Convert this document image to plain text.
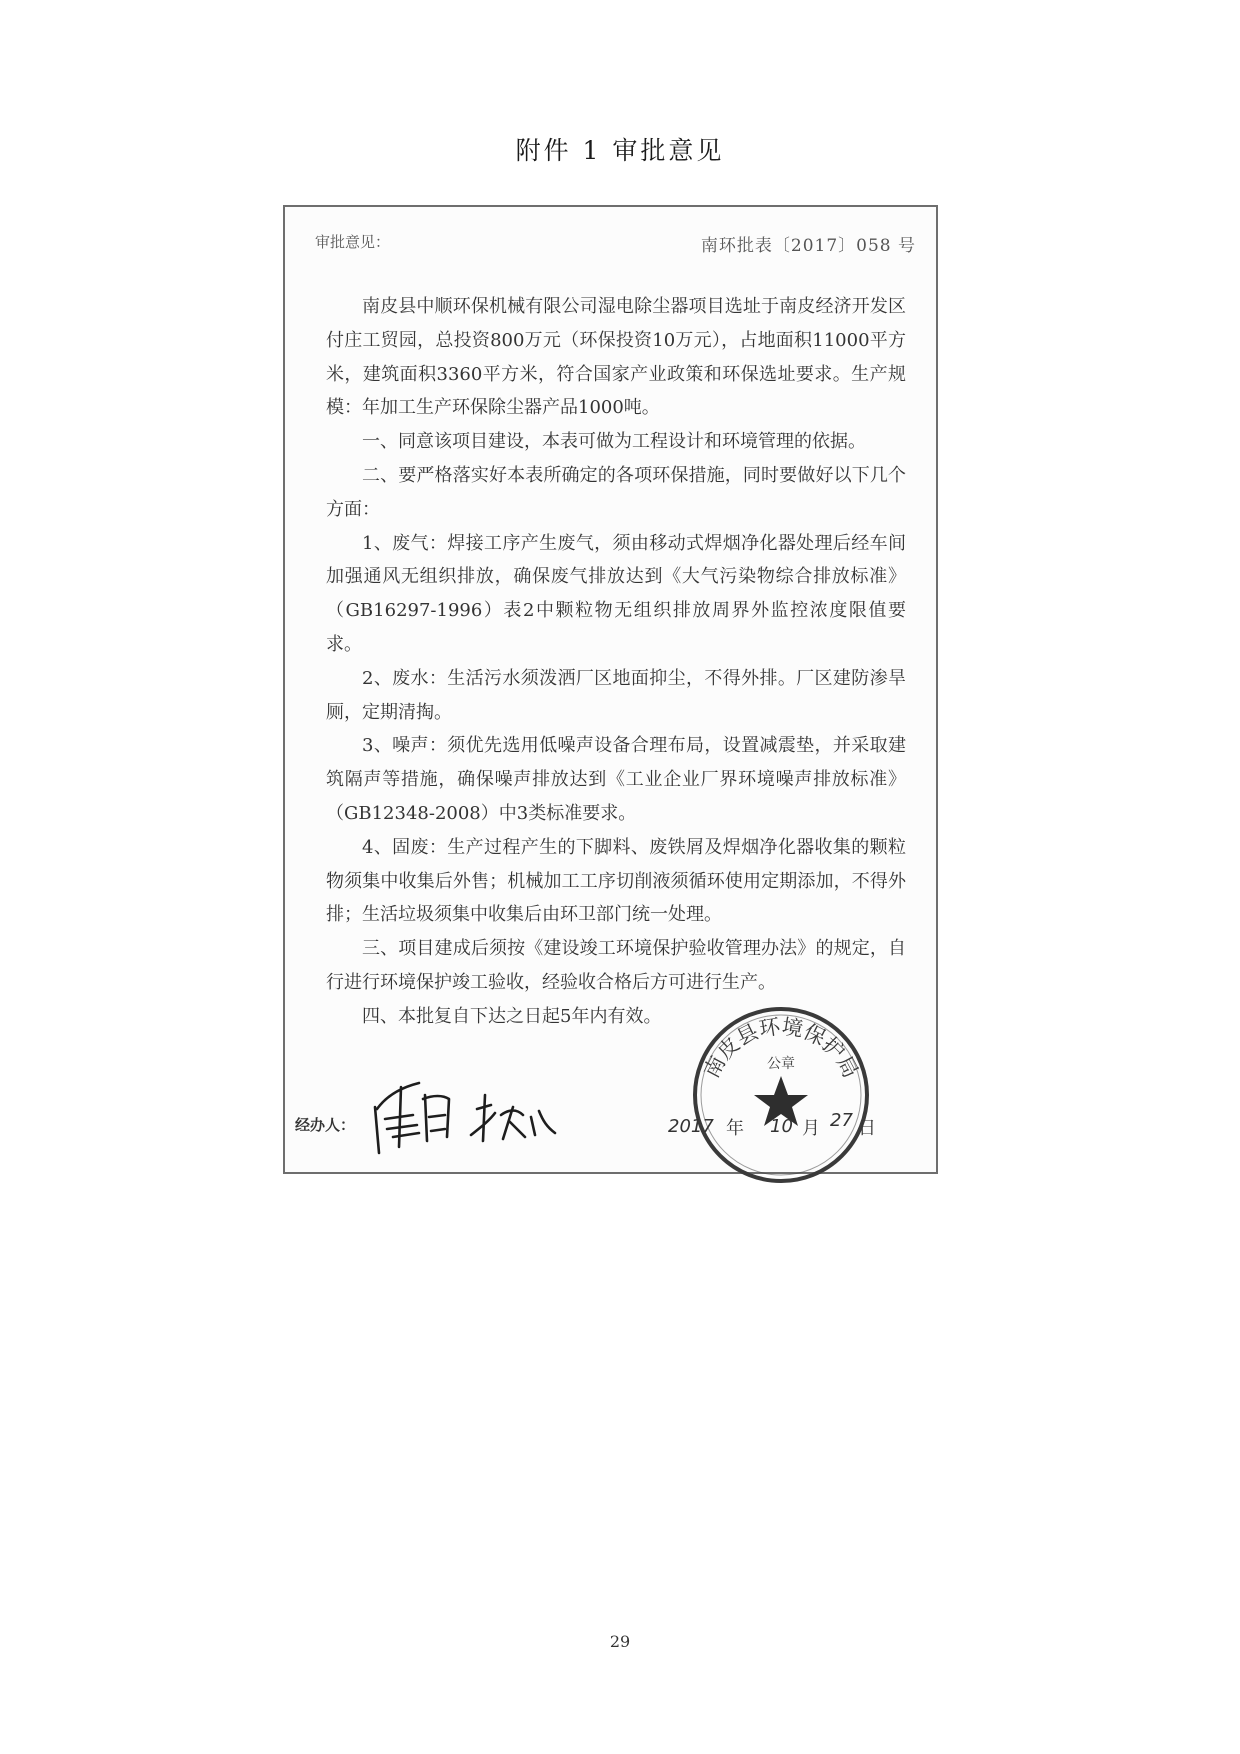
附件 1 审批意见
审批意见：	南环批表〔2017〕058 号

南皮县中顺环保机械有限公司湿电除尘器项目选址于南皮经济开发区付庄工贸园，总投资800万元（环保投资10万元），占地面积11000平方米，建筑面积3360平方米，符合国家产业政策和环保选址要求。生产规模：年加工生产环保除尘器产品1000吨。

一、同意该项目建设，本表可做为工程设计和环境管理的依据。

二、要严格落实好本表所确定的各项环保措施，同时要做好以下几个方面：

1、废气：焊接工序产生废气，须由移动式焊烟净化器处理后经车间加强通风无组织排放，确保废气排放达到《大气污染物综合排放标准》（GB16297-1996）表2中颗粒物无组织排放周界外监控浓度限值要求。

2、废水：生活污水须泼洒厂区地面抑尘，不得外排。厂区建防渗旱厕，定期清掏。

3、噪声：须优先选用低噪声设备合理布局，设置减震垫，并采取建筑隔声等措施，确保噪声排放达到《工业企业厂界环境噪声排放标准》（GB12348-2008）中3类标准要求。

4、固废：生产过程产生的下脚料、废铁屑及焊烟净化器收集的颗粒物须集中收集后外售；机械加工工序切削液须循环使用定期添加，不得外排；生活垃圾须集中收集后由环卫部门统一处理。

三、项目建成后须按《建设竣工环境保护验收管理办法》的规定，自行进行环境保护竣工验收，经验收合格后方可进行生产。

四、本批复自下达之日起5年内有效。

经办人：
南皮县环境保护局
公章
2017 年 10 月 27 日
29
